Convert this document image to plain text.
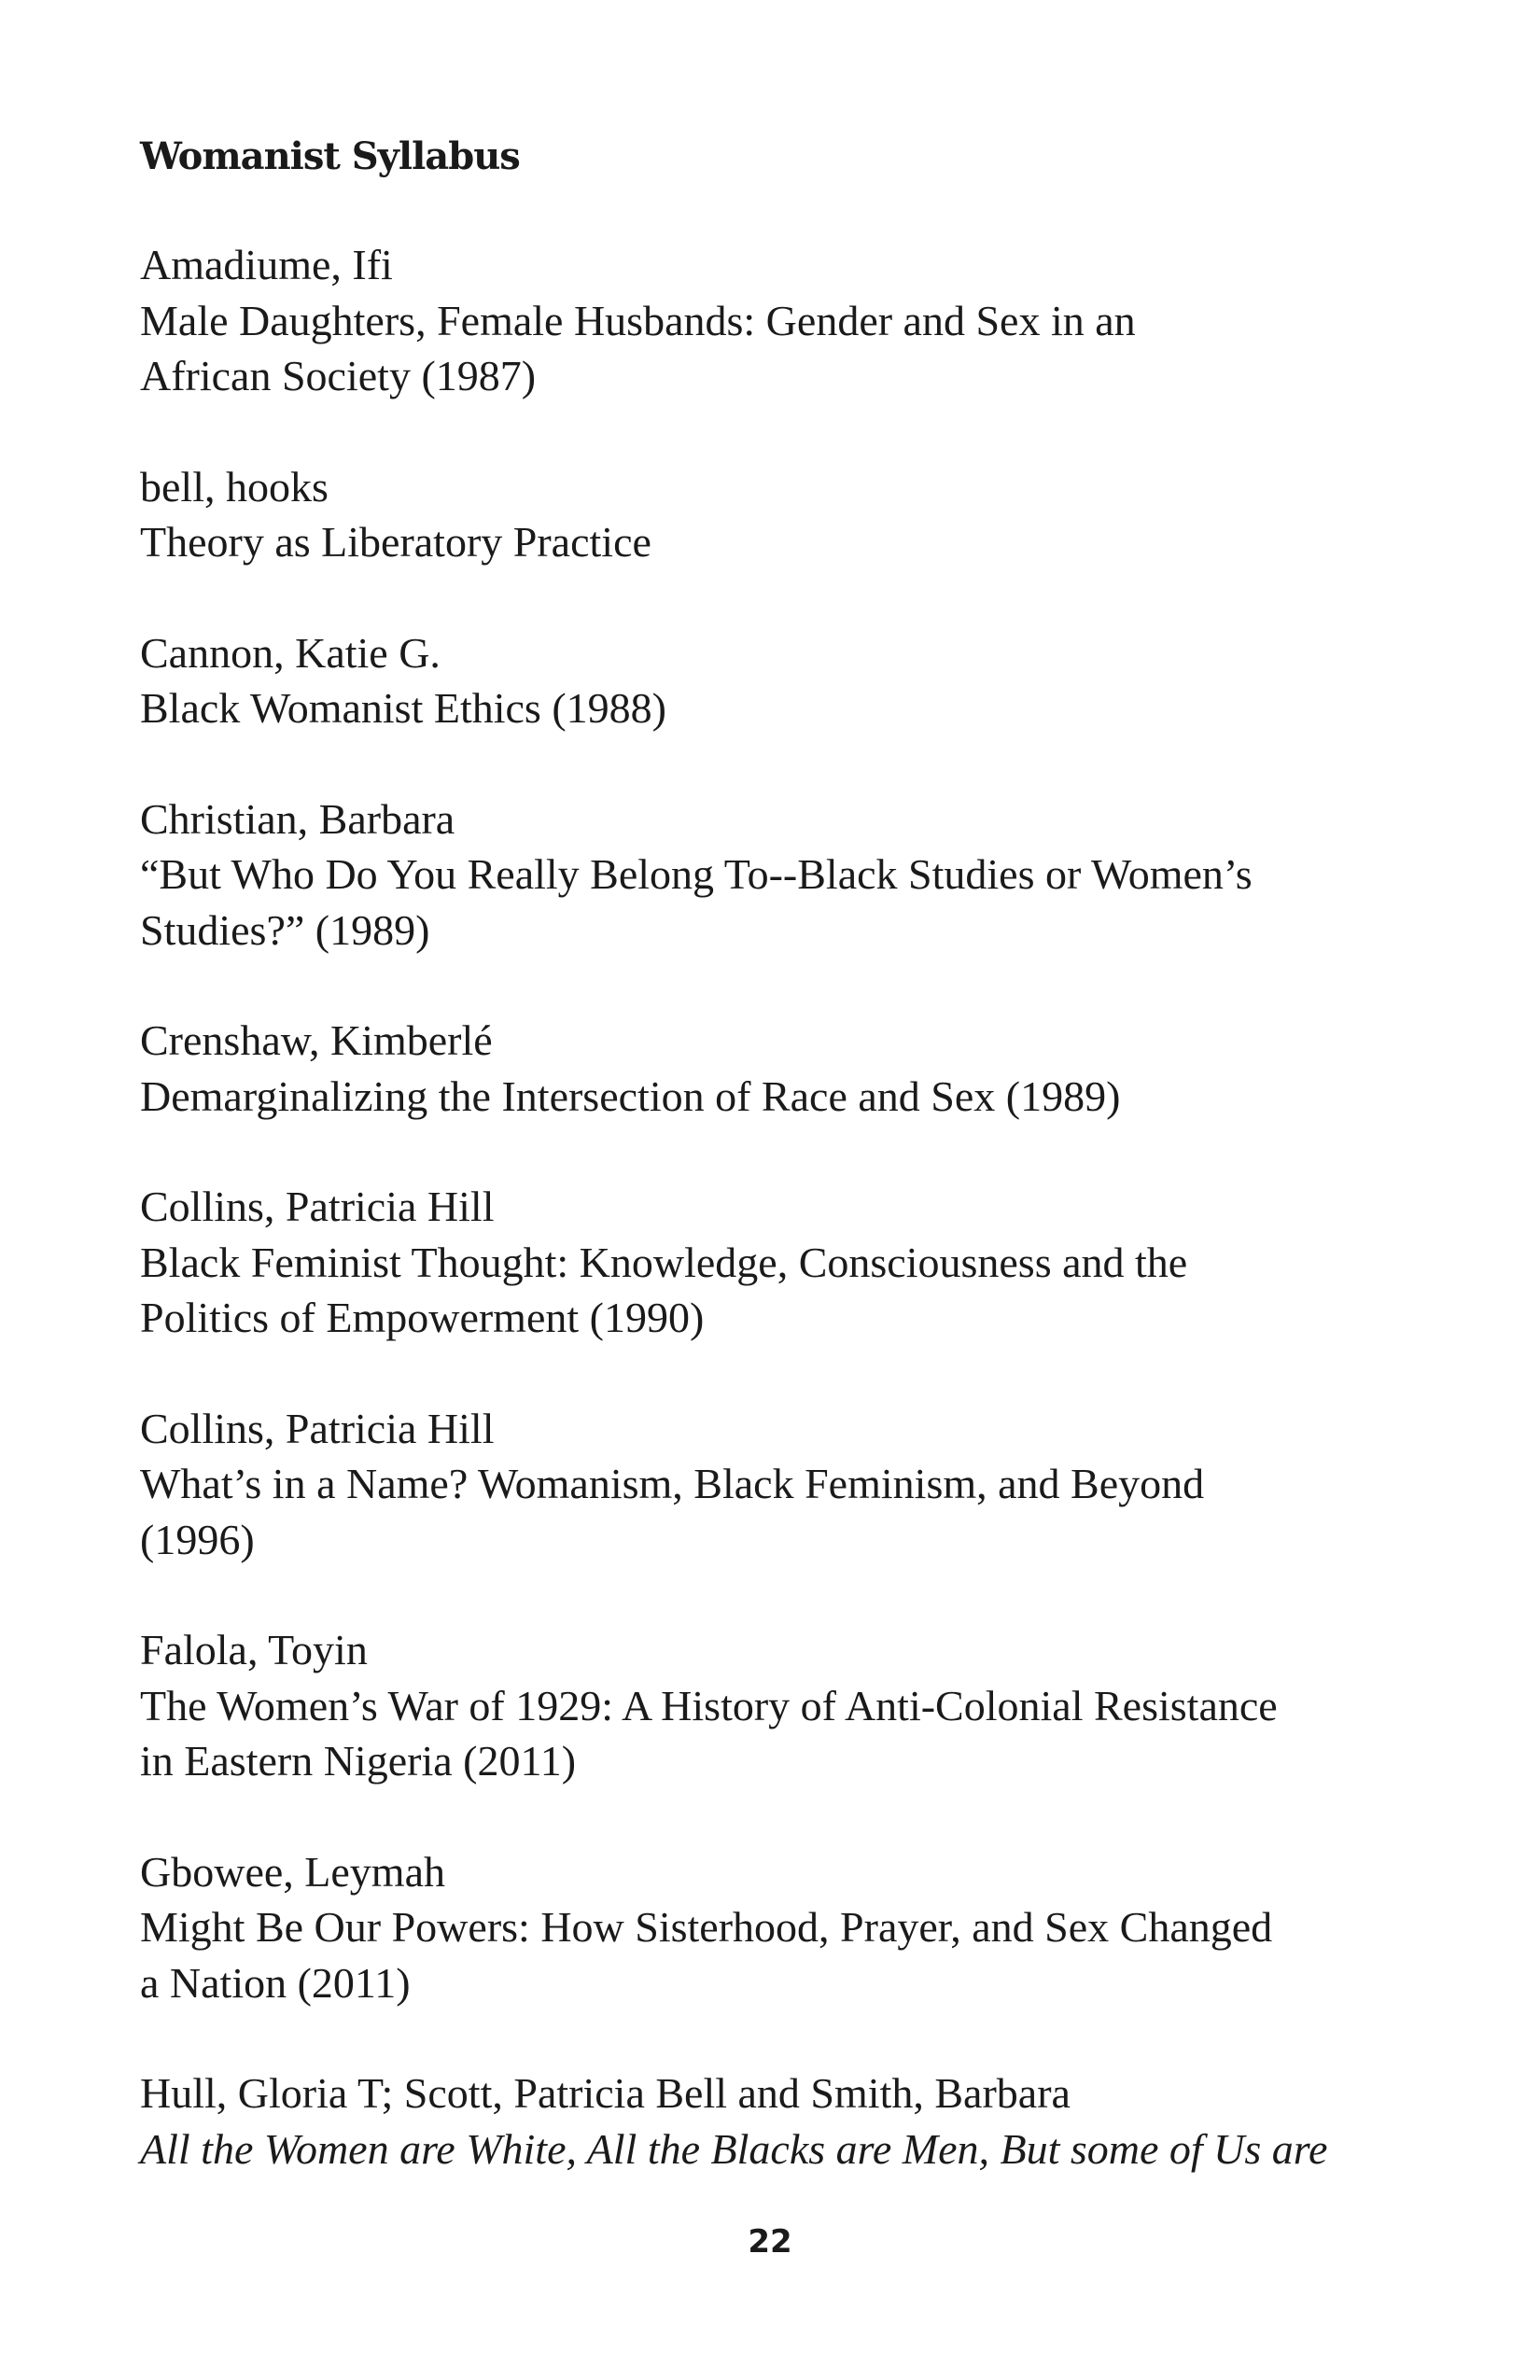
Womanist Syllabus
Amadiume, Ifi
Male Daughters, Female Husbands: Gender and Sex in an
African Society (1987)
bell, hooks
Theory as Liberatory Practice
Cannon, Katie G.
Black Womanist Ethics (1988)
Christian, Barbara
“But Who Do You Really Belong To--Black Studies or Women’s
Studies?” (1989)
Crenshaw, Kimberlé
Demarginalizing the Intersection of Race and Sex (1989)
Collins, Patricia Hill
Black Feminist Thought: Knowledge, Consciousness and the
Politics of Empowerment (1990)
Collins, Patricia Hill
What’s in a Name? Womanism, Black Feminism, and Beyond
(1996)
Falola, Toyin
The Women’s War of 1929: A History of Anti-Colonial Resistance
in Eastern Nigeria (2011)
Gbowee, Leymah
Might Be Our Powers: How Sisterhood, Prayer, and Sex Changed
a Nation (2011)
Hull, Gloria T; Scott, Patricia Bell and Smith, Barbara
All the Women are White, All the Blacks are Men, But some of Us are
22
